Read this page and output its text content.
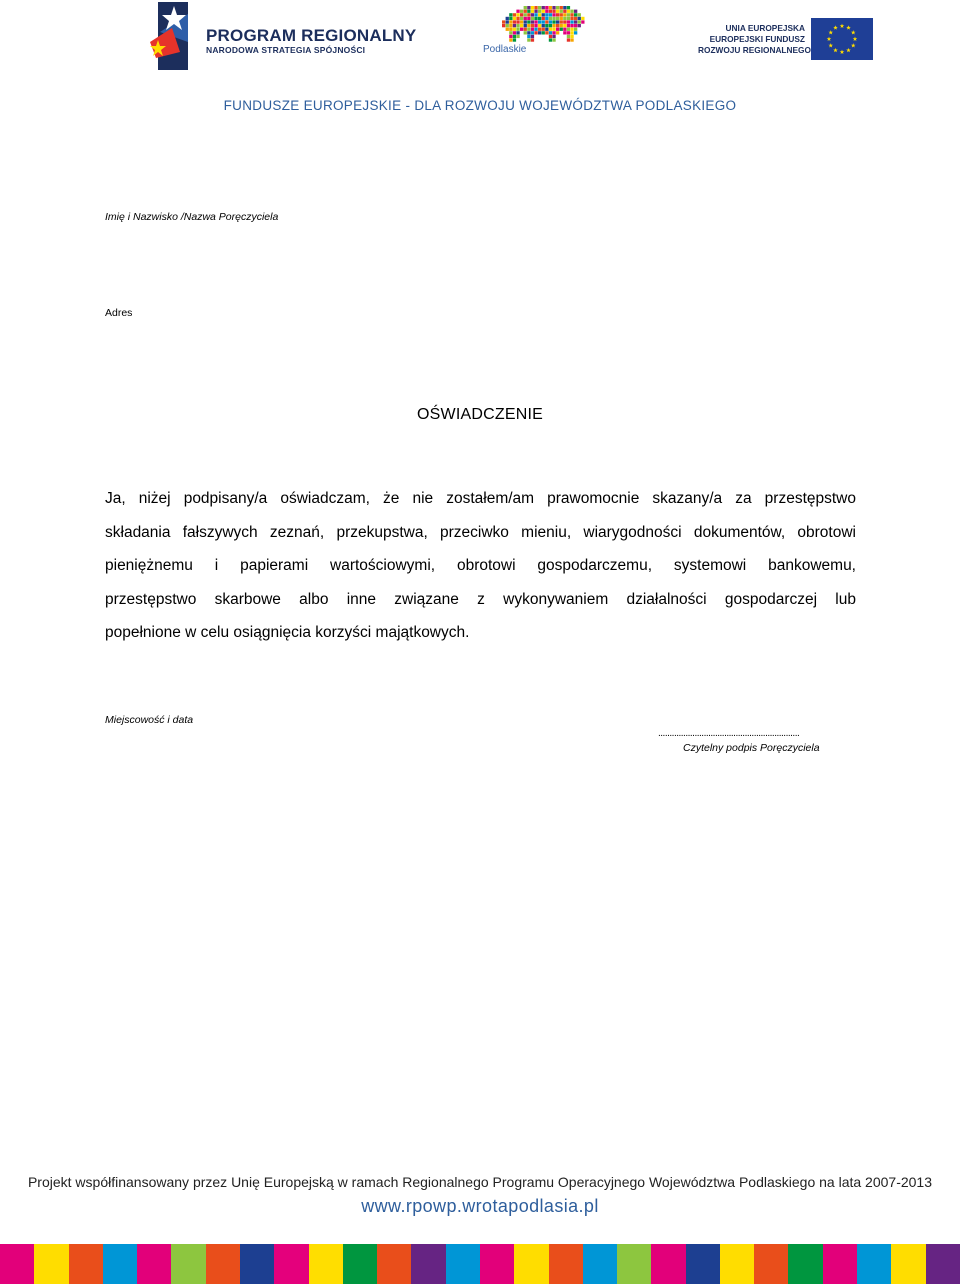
PROGRAM REGIONALNY
NARODOWA STRATEGIA SPÓJNOŚCI	Podlaskie
UNIA EUROPEJSKA
EUROPEJSKI FUNDUSZ
ROZWOJU REGIONALNEGO
FUNDUSZE EUROPEJSKIE - DLA ROZWOJU WOJEWÓDZTWA PODLASKIEGO
Imię i Nazwisko /Nazwa Poręczyciela
Adres
OŚWIADCZENIE
Ja, niżej podpisany/a oświadczam, że nie zostałem/am prawomocnie skazany/a za przestępstwo
składania fałszywych zeznań, przekupstwa, przeciwko mieniu, wiarygodności dokumentów, obrotowi
pieniężnemu i papierami wartościowymi, obrotowi gospodarczemu, systemowi bankowemu,
przestępstwo skarbowe albo inne związane z wykonywaniem działalności gospodarczej lub
popełnione w celu osiągnięcia korzyści majątkowych.
Miejscowość i data
..............................................................
Czytelny podpis Poręczyciela
Projekt współfinansowany przez Unię Europejską w ramach Regionalnego Programu Operacyjnego Województwa Podlaskiego na lata 2007-2013
www.rpowp.wrotapodlasia.pl
